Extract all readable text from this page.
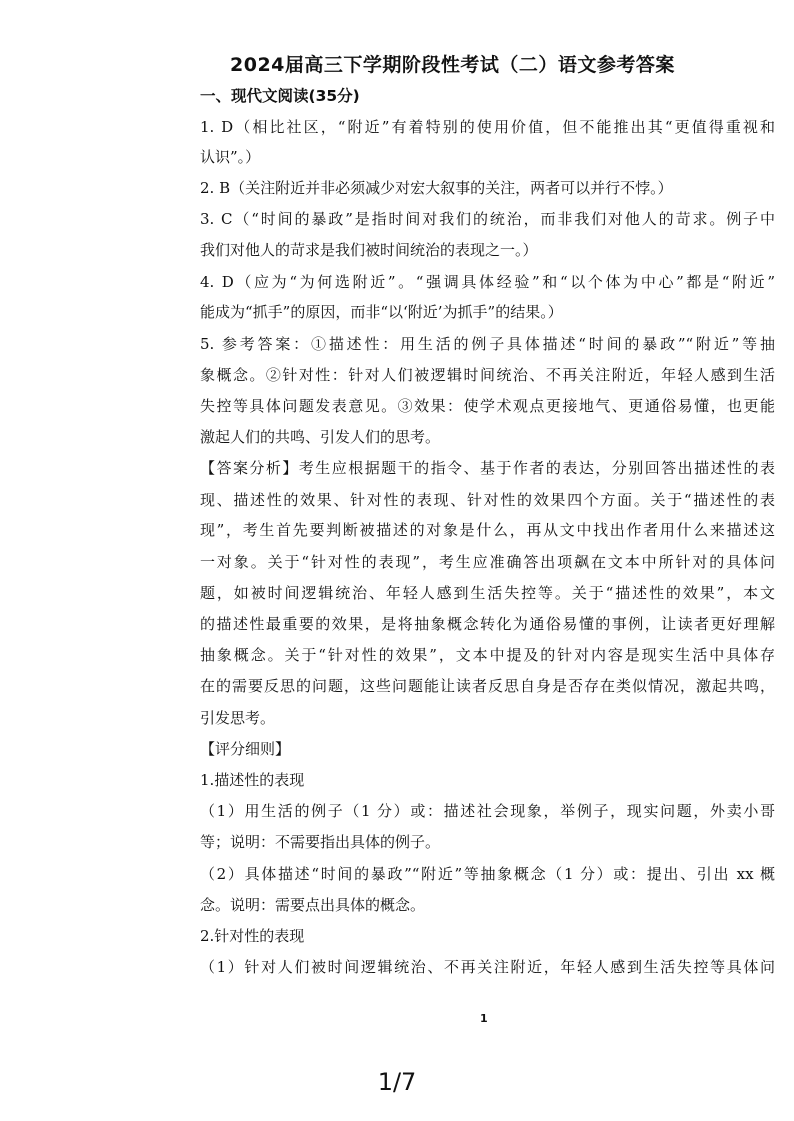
2024届高三下学期阶段性考试（二）语文参考答案
一、现代文阅读(35分)
1. D（相比社区，“附近”有着特别的使用价值，但不能推出其“更值得重视和
认识”。）
2. B（关注附近并非必须减少对宏大叙事的关注，两者可以并行不悖。）
3. C（“时间的暴政”是指时间对我们的统治，而非我们对他人的苛求。例子中
我们对他人的苛求是我们被时间统治的表现之一。）
4. D（应为“为何选附近”。“强调具体经验”和“以个体为中心”都是“附近”
能成为“抓手”的原因，而非“以‘附近’为抓手”的结果。）
5. 参考答案：①描述性：用生活的例子具体描述“时间的暴政”“附近”等抽
象概念。②针对性：针对人们被逻辑时间统治、不再关注附近，年轻人感到生活
失控等具体问题发表意见。③效果：使学术观点更接地气、更通俗易懂，也更能
激起人们的共鸣、引发人们的思考。
【答案分析】考生应根据题干的指令、基于作者的表达，分别回答出描述性的表
现、描述性的效果、针对性的表现、针对性的效果四个方面。关于“描述性的表
现”，考生首先要判断被描述的对象是什么，再从文中找出作者用什么来描述这
一对象。关于“针对性的表现”，考生应准确答出项飙在文本中所针对的具体问
题，如被时间逻辑统治、年轻人感到生活失控等。关于“描述性的效果”，本文
的描述性最重要的效果，是将抽象概念转化为通俗易懂的事例，让读者更好理解
抽象概念。关于“针对性的效果”，文本中提及的针对内容是现实生活中具体存
在的需要反思的问题，这些问题能让读者反思自身是否存在类似情况，激起共鸣，
引发思考。
【评分细则】
1.描述性的表现
（1）用生活的例子（1 分）或：描述社会现象，举例子，现实问题，外卖小哥
等；说明：不需要指出具体的例子。
（2）具体描述“时间的暴政”“附近”等抽象概念（1 分）或：提出、引出 xx 概
念。说明：需要点出具体的概念。
2.针对性的表现
（1）针对人们被时间逻辑统治、不再关注附近，年轻人感到生活失控等具体问
1
1/7
